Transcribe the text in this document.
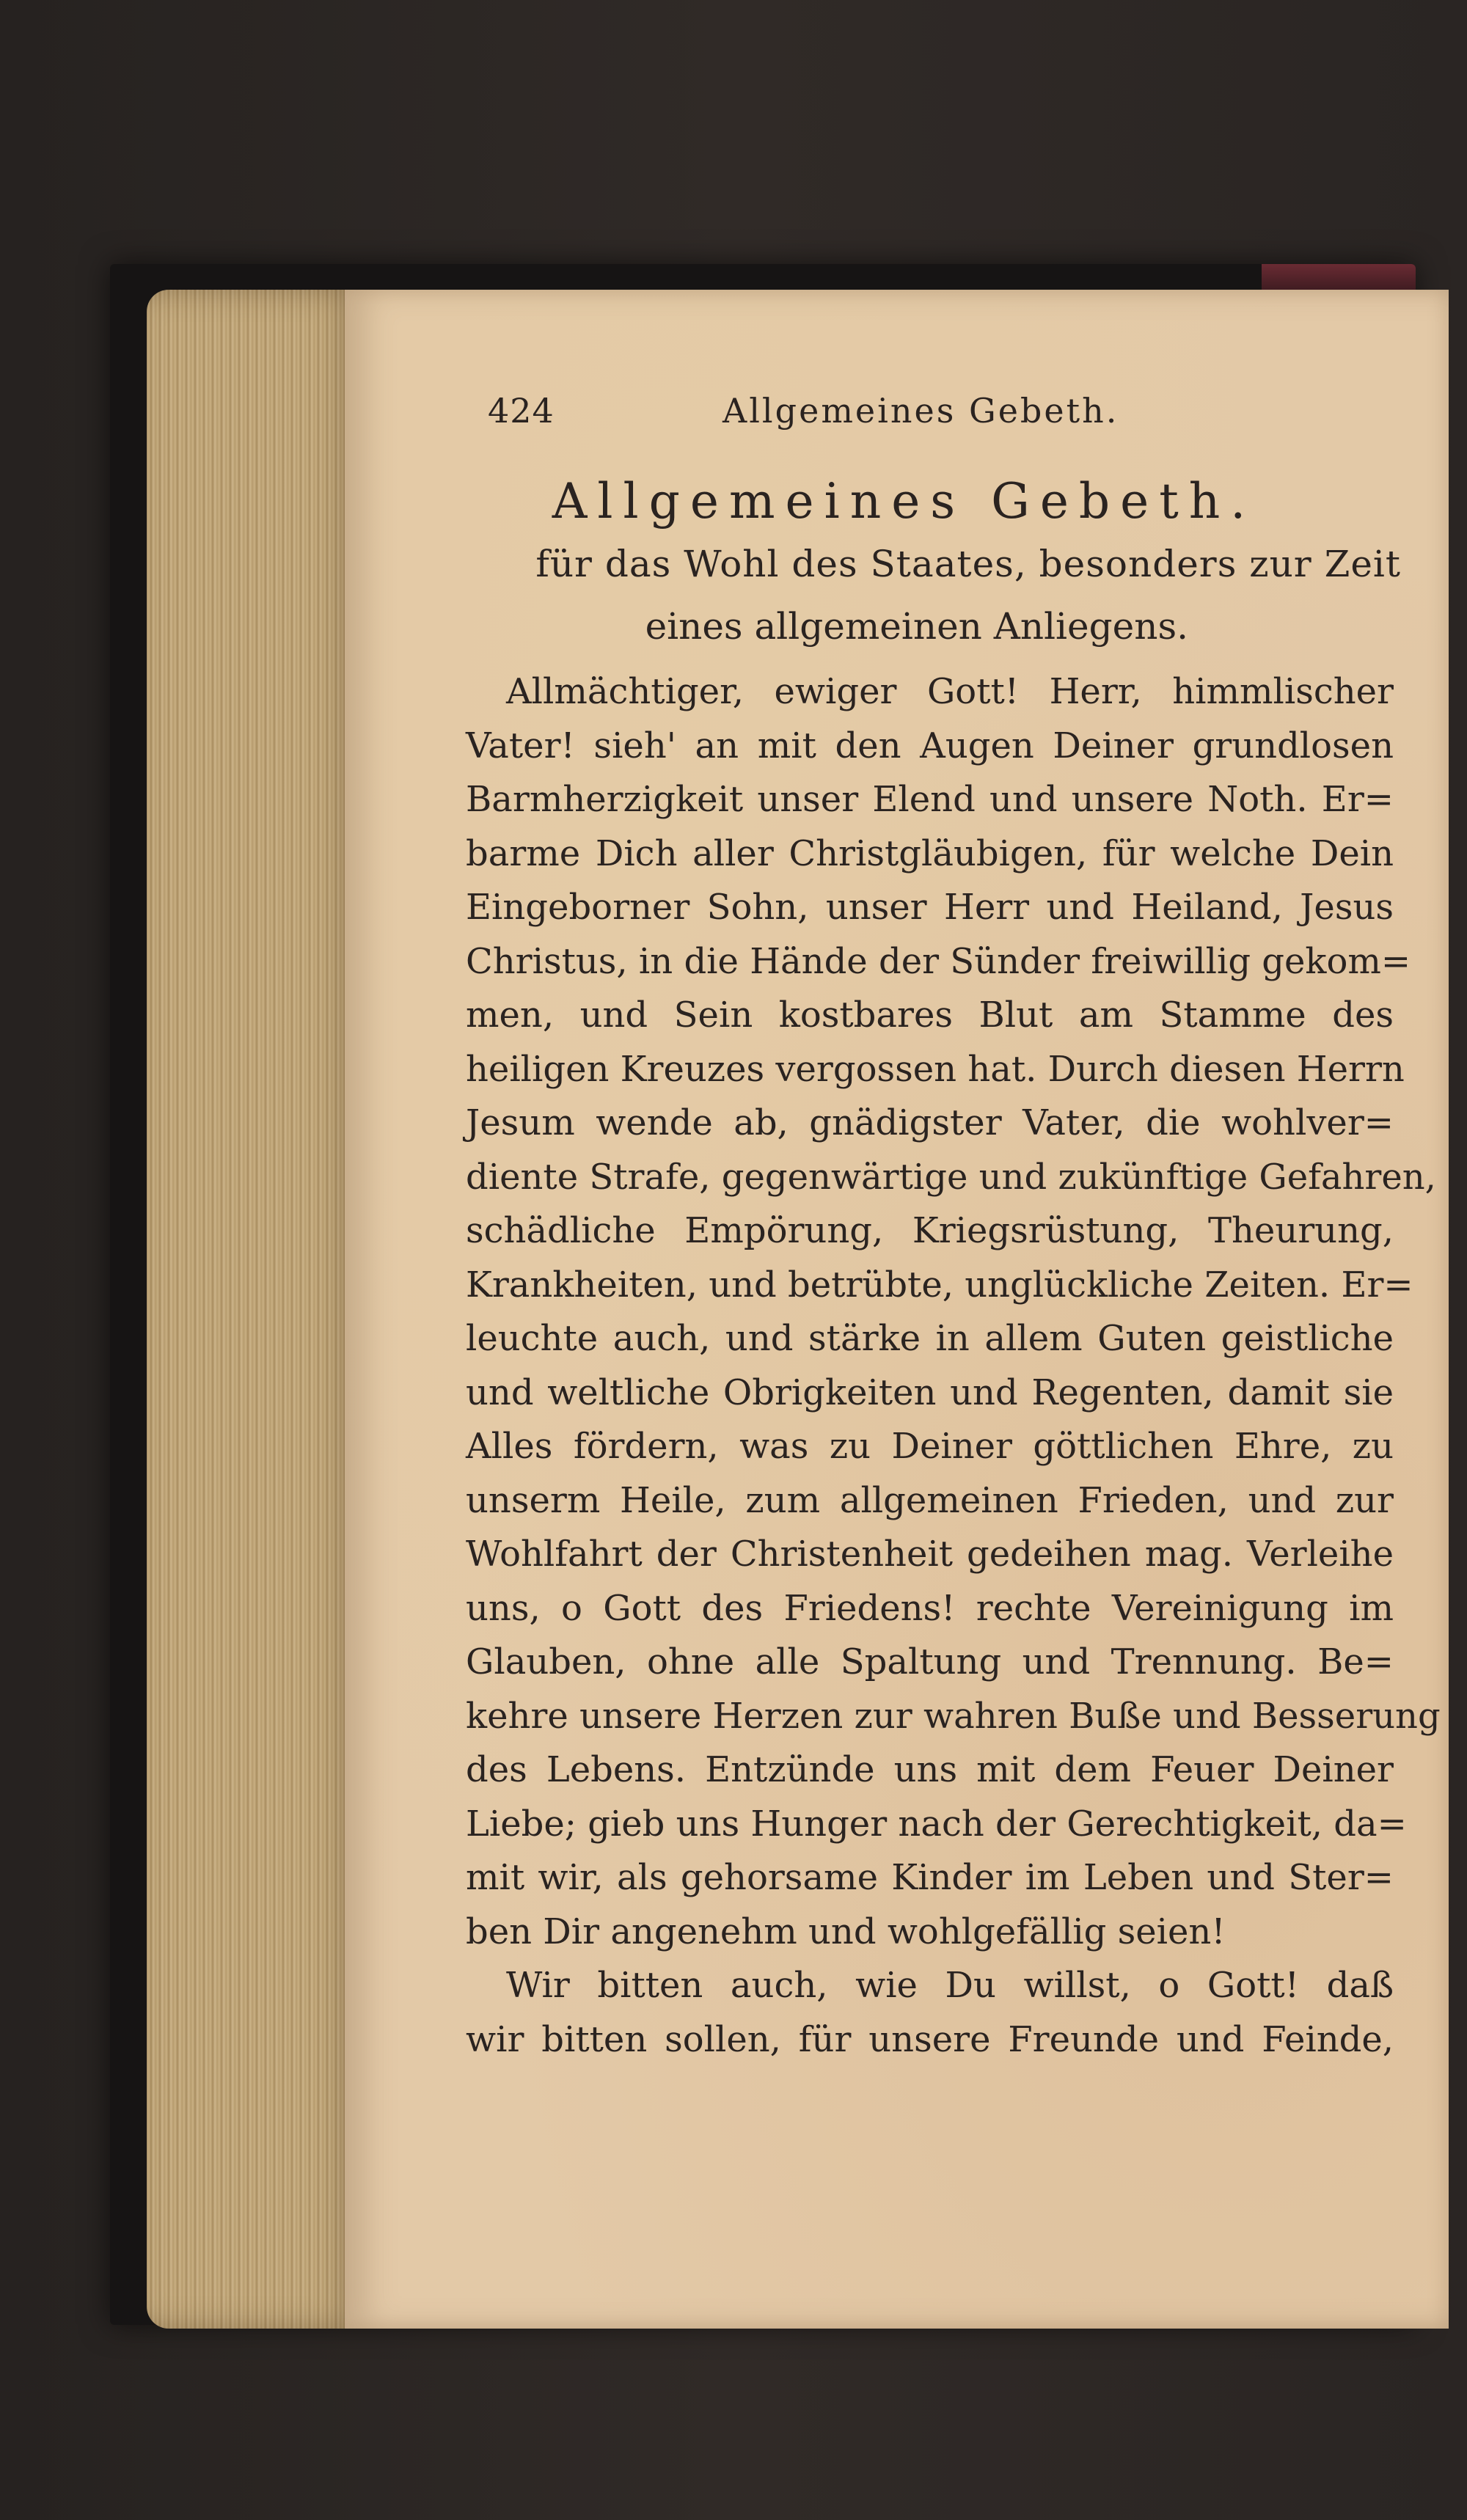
424	Allgemeines Gebeth.
Allgemeines Gebeth.
für das Wohl des Staates, besonders zur Zeit
eines allgemeinen Anliegens.
Allmächtiger, ewiger Gott! Herr, himmlischer
Vater! sieh' an mit den Augen Deiner grundlosen
Barmherzigkeit unser Elend und unsere Noth. Er=
barme Dich aller Christgläubigen, für welche Dein
Eingeborner Sohn, unser Herr und Heiland, Jesus
Christus, in die Hände der Sünder freiwillig gekom=
men, und Sein kostbares Blut am Stamme des
heiligen Kreuzes vergossen hat. Durch diesen Herrn
Jesum wende ab, gnädigster Vater, die wohlver=
diente Strafe, gegenwärtige und zukünftige Gefahren,
schädliche Empörung, Kriegsrüstung, Theurung,
Krankheiten, und betrübte, unglückliche Zeiten. Er=
leuchte auch, und stärke in allem Guten geistliche
und weltliche Obrigkeiten und Regenten, damit sie
Alles fördern, was zu Deiner göttlichen Ehre, zu
unserm Heile, zum allgemeinen Frieden, und zur
Wohlfahrt der Christenheit gedeihen mag. Verleihe
uns, o Gott des Friedens! rechte Vereinigung im
Glauben, ohne alle Spaltung und Trennung. Be=
kehre unsere Herzen zur wahren Buße und Besserung
des Lebens. Entzünde uns mit dem Feuer Deiner
Liebe; gieb uns Hunger nach der Gerechtigkeit, da=
mit wir, als gehorsame Kinder im Leben und Ster=
ben Dir angenehm und wohlgefällig seien!
Wir bitten auch, wie Du willst, o Gott! daß
wir bitten sollen, für unsere Freunde und Feinde,
